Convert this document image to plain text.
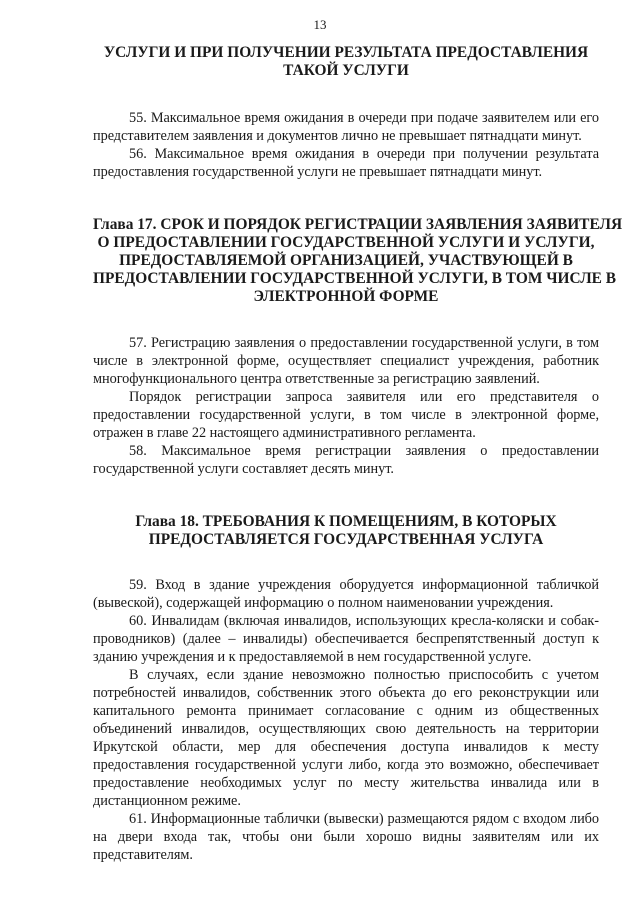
13
УСЛУГИ И ПРИ ПОЛУЧЕНИИ РЕЗУЛЬТАТА ПРЕДОСТАВЛЕНИЯ
ТАКОЙ УСЛУГИ

55. Максимальное время ожидания в очереди при подаче заявителем или его представителем заявления и документов лично не превышает пятнадцати минут.

56. Максимальное время ожидания в очереди при получении результата предоставления государственной услуги не превышает пятнадцати минут.

Глава 17. СРОК И ПОРЯДОК РЕГИСТРАЦИИ ЗАЯВЛЕНИЯ ЗАЯВИТЕЛЯ
О ПРЕДОСТАВЛЕНИИ ГОСУДАРСТВЕННОЙ УСЛУГИ И УСЛУГИ,
ПРЕДОСТАВЛЯЕМОЙ ОРГАНИЗАЦИЕЙ, УЧАСТВУЮЩЕЙ В
ПРЕДОСТАВЛЕНИИ ГОСУДАРСТВЕННОЙ УСЛУГИ, В ТОМ ЧИСЛЕ В
ЭЛЕКТРОННОЙ ФОРМЕ

57. Регистрацию заявления о предоставлении государственной услуги, в том числе в электронной форме, осуществляет специалист учреждения, работник многофункционального центра ответственные за регистрацию заявлений.

Порядок регистрации запроса заявителя или его представителя о предоставлении государственной услуги, в том числе в электронной форме, отражен в главе 22 настоящего административного регламента.

58. Максимальное время регистрации заявления о предоставлении государственной услуги составляет десять минут.

Глава 18. ТРЕБОВАНИЯ К ПОМЕЩЕНИЯМ, В КОТОРЫХ
ПРЕДОСТАВЛЯЕТСЯ ГОСУДАРСТВЕННАЯ УСЛУГА

59. Вход в здание учреждения оборудуется информационной табличкой (вывеской), содержащей информацию о полном наименовании учреждения.

60. Инвалидам (включая инвалидов, использующих кресла-коляски и собак-проводников) (далее – инвалиды) обеспечивается беспрепятственный доступ к зданию учреждения и к предоставляемой в нем государственной услуге.

В случаях, если здание невозможно полностью приспособить с учетом потребностей инвалидов, собственник этого объекта до его реконструкции или капитального ремонта принимает согласование с одним из общественных объединений инвалидов, осуществляющих свою деятельность на территории Иркутской области, мер для обеспечения доступа инвалидов к месту предоставления государственной услуги либо, когда это возможно, обеспечивает предоставление необходимых услуг по месту жительства инвалида или в дистанционном режиме.

61. Информационные таблички (вывески) размещаются рядом с входом либо на двери входа так, чтобы они были хорошо видны заявителям или их представителям.
